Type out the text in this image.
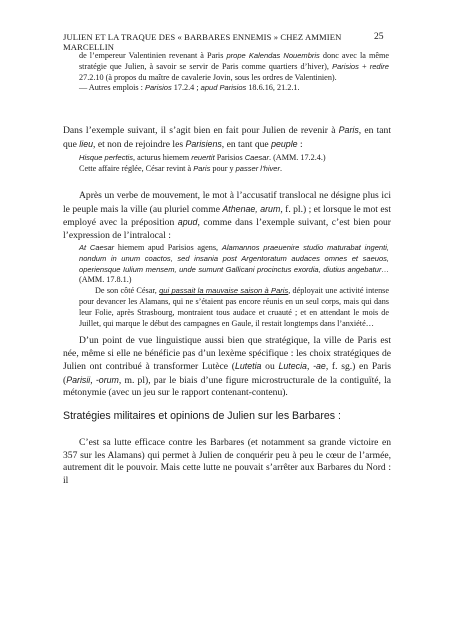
JULIEN ET LA TRAQUE DES « BARBARES ENNEMIS » CHEZ AMMIEN MARCELLIN
25

de l’empereur Valentinien revenant à Paris prope Kalendas Nouembris donc avec la même stratégie que Julien, à savoir se servir de Paris comme quartiers d’hiver), Parisios + redire 27.2.10 (à propos du maître de cavalerie Jovin, sous les ordres de Valentinien).

— Autres emplois : Parisios 17.2.4 ; apud Parisios 18.6.16, 21.2.1.

Dans l’exemple suivant, il s’agit bien en fait pour Julien de revenir à Paris, en tant que lieu, et non de rejoindre les Parisiens, en tant que peuple :

Hisque perfectis, acturus hiemem reuertit Parisios Caesar. (AMM. 17.2.4.)

Cette affaire réglée, César revint à Paris pour y passer l’hiver.

Après un verbe de mouvement, le mot à l’accusatif translocal ne désigne plus ici le peuple mais la ville (au pluriel comme Athenae, arum, f. pl.) ; et lorsque le mot est employé avec la préposition apud, comme dans l’exemple suivant, c’est bien pour l’expression de l’intralocal :

At Caesar hiemem apud Parisios agens, Alamannos praeuenire studio maturabat ingenti, nondum in unum coactos, sed insania post Argentoratum audaces omnes et saeuos, operiensque Iulium mensem, unde sumunt Gallicani procinctus exordia, diutius angebatur… (AMM. 17.8.1.)

De son côté César, qui passait la mauvaise saison à Paris, déployait une activité intense pour devancer les Alamans, qui ne s’étaient pas encore réunis en un seul corps, mais qui dans leur Folie, après Strasbourg, montraient tous audace et cruauté ; et en attendant le mois de Juillet, qui marque le début des campagnes en Gaule, il restait longtemps dans l’anxiété…

D’un point de vue linguistique aussi bien que stratégique, la ville de Paris est née, même si elle ne bénéficie pas d’un lexème spécifique : les choix stratégiques de Julien ont contribué à transformer Lutèce (Lutetia ou Lutecia, -ae, f. sg.) en Paris (Parisii, -orum, m. pl), par le biais d’une figure microstructurale de la contiguïté, la métonymie (avec un jeu sur le rapport contenant-contenu).

Stratégies militaires et opinions de Julien sur les Barbares :
C’est sa lutte efficace contre les Barbares (et notamment sa grande victoire en 357 sur les Alamans) qui permet à Julien de conquérir peu à peu le cœur de l’armée, autrement dit le pouvoir. Mais cette lutte ne pouvait s’arrêter aux Barbares du Nord : il
